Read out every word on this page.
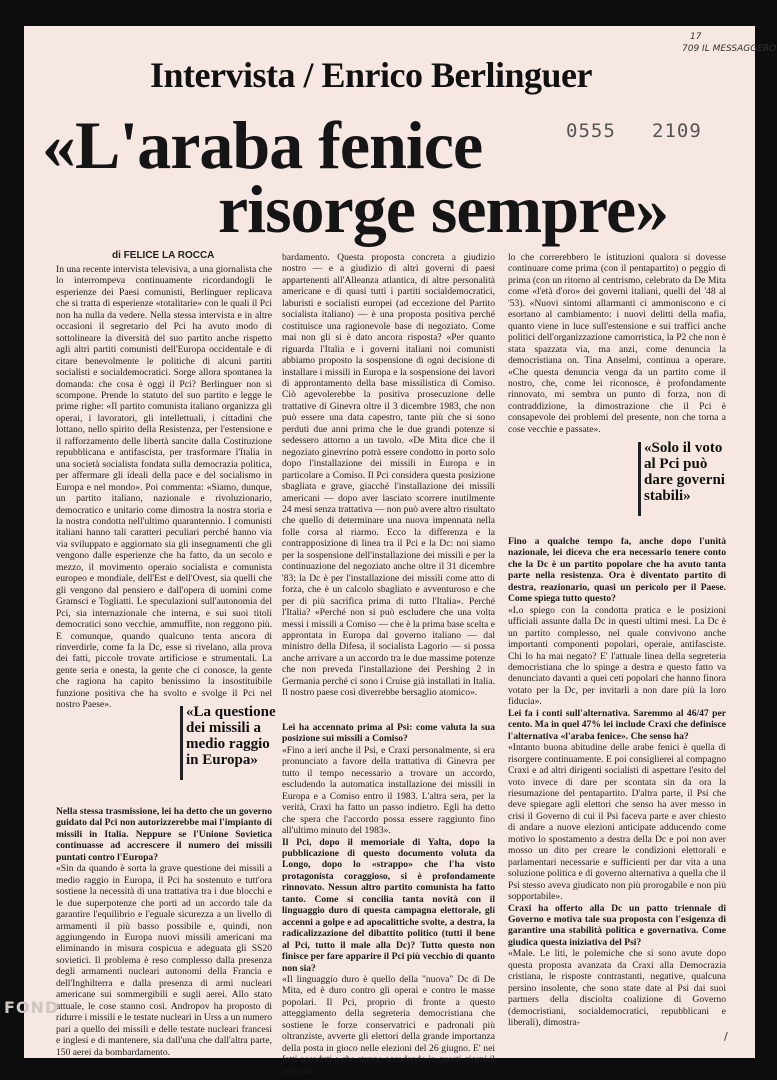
17
709 IL MESSAGGERO
Intervista / Enrico Berlinguer
«L'araba fenice
risorge sempre»
0555 2109
di FELICE LA ROCCA

In una recente intervista televisiva, a una giornalista che lo interrompeva continuamente ricordandogli le esperienze dei Paesi comunisti, Berlinguer replicava che si tratta di esperienze «totalitarie» con le quali il Pci non ha nulla da vedere. Nella stessa intervista e in altre occasioni il segretario del Pci ha avuto modo di sottolineare la diversità del suo partito anche rispetto agli altri partiti comunisti dell'Europa occidentale e di citare benevolmente le politiche di alcuni partiti socialisti e socialdemocratici. Sorge allora spontanea la domanda: che cosa è oggi il Pci? Berlinguer non si scompone. Prende lo statuto del suo partito e legge le prime righe: «Il partito comunista italiano organizza gli operai, i lavoratori, gli intellettuali, i cittadini che lottano, nello spirito della Resistenza, per l'estensione e il rafforzamento delle libertà sancite dalla Costituzione repubblicana e antifascista, per trasformare l'Italia in una società socialista fondata sulla democrazia politica, per affermare gli ideali della pace e del socialismo in Europa e nel mondo». Poi commenta: «Siamo, dunque, un partito italiano, nazionale e rivoluzionario, democratico e unitario come dimostra la nostra storia e la nostra condotta nell'ultimo quarantennio. I comunisti italiani hanno tali caratteri peculiari perché hanno via via sviluppato e aggiornato sia gli insegnamenti che gli vengono dalle esperienze che ha fatto, da un secolo e mezzo, il movimento operaio socialista e comunista europeo e mondiale, dell'Est e dell'Ovest, sia quelli che gli vengono dal pensiero e dall'opera di uomini come Gramsci e Togliatti. Le speculazioni sull'autonomia del Pci, sia internazionale che interna, e sui suoi titoli democratici sono vecchie, ammuffite, non reggono più. E comunque, quando qualcuno tenta ancora di rinverdirle, come fa la Dc, esse si rivelano, alla prova dei fatti, piccole trovate artificiose e strumentali. La gente seria e onesta, la gente che ci conosce, la gente che ragiona ha capito benissimo la insostituibile funzione positiva che ha svolto e svolge il Pci nel nostro Paese».	«La questione dei missili a medio raggio in Europa»

Nella stessa trasmissione, lei ha detto che un governo guidato dal Pci non autorizzerebbe mai l'impianto di missili in Italia. Neppure se l'Unione Sovietica continuasse ad accrescere il numero dei missili puntati contro l'Europa?

«Sin da quando è sorta la grave questione dei missili a medio raggio in Europa, il Pci ha sostenuto e tutt'ora sostiene la necessità di una trattativa tra i due blocchi e le due superpotenze che porti ad un accordo tale da garantire l'equilibrio e l'eguale sicurezza a un livello di armamenti il più basso possibile e, quindi, non aggiungendo in Europa nuovi missili americani ma eliminando in misura cospicua e adeguata gli SS20 sovietici. Il problema è reso complesso dalla presenza degli armamenti nucleari autonomi della Francia e dell'Inghilterra e dalla presenza di armi nucleari americane sui sommergibili e sugli aerei. Allo stato attuale, le cose stanno così. Andropov ha proposto di ridurre i missili e le testate nucleari in Urss a un numero pari a quello dei missili e delle testate nucleari francesi e inglesi e di mantenere, sia dall'una che dall'altra parte, 150 aerei da bombardamento.

bardamento. Questa proposta concreta a giudizio nostro — e a giudizio di altri governi di paesi appartenenti all'Alleanza atlantica, di altre personalità americane e di quasi tutti i partiti socialdemocratici, laburisti e socialisti europei (ad eccezione del Partito socialista italiano) — è una proposta positiva perché costituisce una ragionevole base di negoziato. Come mai non gli si è dato ancora risposta? «Per quanto riguarda l'Italia e i governi italiani noi comunisti abbiamo proposto la sospensione di ogni decisione di installare i missili in Europa e la sospensione dei lavori di approntamento della base missilistica di Comiso. Ciò agevolerebbe la positiva prosecuzione delle trattative di Ginevra oltre il 3 dicembre 1983, che non può essere una data capestro, tante più che si sono perduti due anni prima che le due grandi potenze si sedessero attorno a un tavolo. «De Mita dice che il negoziato ginevrino potrà essere condotto in porto solo dopo l'installazione dei missili in Europa e in particolare a Comiso. Il Pci considera questa posizione sbagliata e grave, giacché l'installazione dei missili americani — dopo aver lasciato scorrere inutilmente 24 mesi senza trattativa — non può avere altro risultato che quello di determinare una nuova impennata nella folle corsa al riarmo. Ecco la differenza e la contrapposizione di linea tra il Pci e la Dc: noi siamo per la sospensione dell'installazione dei missili e per la continuazione del negoziato anche oltre il 31 dicembre '83; la Dc è per l'installazione dei missili come atto di forza, che è un calcolo sbagliato e avventuroso e che per di più sacrifica prima di tutto l'Italia». Perché l'Italia? «Perché non si può escludere che una volta messi i missili a Comiso — che è la prima base scelta e approntata in Europa dal governo italiano — dal ministro della Difesa, il socialista Lagorio — si possa anche arrivare a un accordo tra le due massime potenze che non preveda l'installazione dei Pershing 2 in Germania perché ci sono i Cruise già installati in Italia. Il nostro paese così diverrebbe bersaglio atomico».

Lei ha accennato prima al Psi: come valuta la sua posizione sui missili a Comiso?

«Fino a ieri anche il Psi, e Craxi personalmente, si era pronunciato a favore della trattativa di Ginevra per tutto il tempo necessario a trovare un accordo, escludendo la automatica installazione dei missili in Europa e a Comiso entro il 1983. L'altra sera, per la verità, Craxi ha fatto un passo indietro. Egli ha detto che spera che l'accordo possa essere raggiunto fino all'ultimo minuto del 1983».

Il Pci, dopo il memoriale di Yalta, dopo la pubblicazione di questo documento voluta da Longo, dopo lo «strappo» che l'ha visto protagonista coraggioso, si è profondamente rinnovato. Nessun altro partito comunista ha fatto tanto. Come si concilia tanta novità con il linguaggio duro di questa campagna elettorale, gli accenni a golpe e ad apocalittiche svolte, a destra, la radicalizzazione del dibattito politico (tutti il bene al Pci, tutto il male alla Dc)? Tutto questo non finisce per fare apparire il Pci più vecchio di quanto non sia?

«Il linguaggio duro è quello della "nuova" Dc di De Mita, ed è duro contro gli operai e contro le masse popolari. Il Pci, proprio di fronte a questo atteggiamento della segreteria democristiana che sostiene le forze conservatrici e padronali più oltranziste, avverte gli elettori della grande importanza della posta in gioco nelle elezioni del 26 giugno. E' nei fatti accaduti e che stanno accadendo in questi giorni il pericolo

lo che correrebbero le istituzioni qualora si dovesse continuare come prima (con il pentapartito) o peggio di prima (con un ritorno al centrismo, celebrato da De Mita come «l'età d'oro» dei governi italiani, quelli del '48 al '53). «Nuovi sintomi allarmanti ci ammoniscono e ci esortano al cambiamento: i nuovi delitti della mafia, quanto viene in luce sull'estensione e sui traffici anche politici dell'organizzazione camorristica, la P2 che non è stata spazzata via, ma anzi, come denuncia la democristiana on. Tina Anselmi, continua a operare. «Che questa denuncia venga da un partito come il nostro, che, come lei riconosce, è profondamente rinnovato, mi sembra un punto di forza, non di contraddizione, la dimostrazione che il Pci è consapevole dei problemi del presente, non che torna a cose vecchie e passate».

«Solo il voto al Pci può dare governi stabili»

Fino a qualche tempo fa, anche dopo l'unità nazionale, lei diceva che era necessario tenere conto che la Dc è un partito popolare che ha avuto tanta parte nella resistenza. Ora è diventato partito di destra, reazionario, quasi un pericolo per il Paese. Come spiega tutto questo?

«Lo spiego con la condotta pratica e le posizioni ufficiali assunte dalla Dc in questi ultimi mesi. La Dc è un partito complesso, nel quale convivono anche importanti componenti popolari, operaie, antifasciste. Chi lo ha mai negato? E' l'attuale linea della segreteria democristiana che lo spinge a destra e questo fatto va denunciato davanti a quei ceti popolari che hanno finora votato per la Dc, per invitarli a non dare più la loro fiducia».

Lei fa i conti sull'alternativa. Saremmo al 46/47 per cento. Ma in quel 47% lei include Craxi che definisce l'alternativa «l'araba fenice». Che senso ha?

«Intanto buona abitudine delle arabe fenici è quella di risorgere continuamente. E poi consiglierei al compagno Craxi e ad altri dirigenti socialisti di aspettare l'esito del voto invece di dare per scontata sin da ora la riesumazione del pentapartito. D'altra parte, il Psi che deve spiegare agli elettori che senso ha aver messo in crisi il Governo di cui il Psi faceva parte e aver chiesto di andare a nuove elezioni anticipate adducendo come motivo lo spostamento a destra della Dc e poi non aver mosso un dito per creare le condizioni elettorali e parlamentari necessarie e sufficienti per dar vita a una soluzione politica e di governo alternativa a quella che il Psi stesso aveva giudicato non più prorogabile e non più sopportabile».

Craxi ha offerto alla Dc un patto triennale di Governo e motiva tale sua proposta con l'esigenza di garantire una stabilità politica e governativa. Come giudica questa iniziativa del Psi?

«Male. Le liti, le polemiche che si sono avute dopo questa proposta avanzata da Craxi alla Democrazia cristiana, le risposte contrastanti, negative, qualcuna persino insolente, che sono state date al Psi dai suoi partners della disciolta coalizione di Governo (democristiani, socialdemocratici, repubblicani e liberali), dimostra-

FOND
/
